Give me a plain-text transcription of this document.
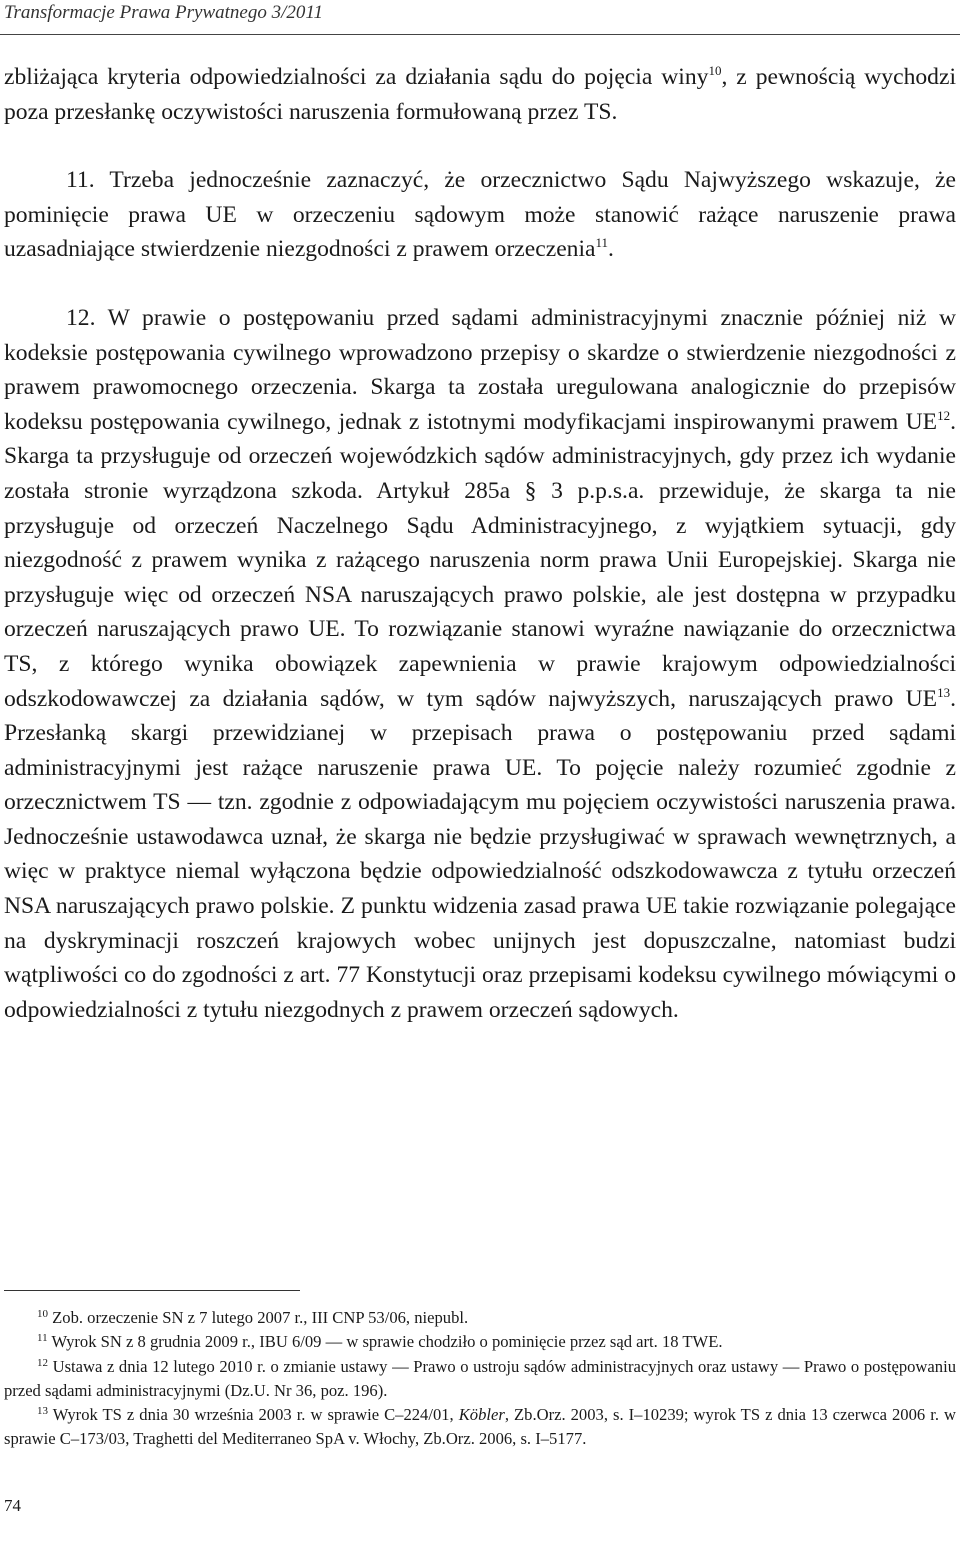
Transformacje Prawa Prywatnego 3/2011

zbliżająca kryteria odpowiedzialności za działania sądu do pojęcia winy$^{10}$, z pewnością wychodzi poza przesłankę oczywistości naruszenia formułowaną przez TS.

11. Trzeba jednocześnie zaznaczyć, że orzecznictwo Sądu Najwyższego wskazuje, że pominięcie prawa UE w orzeczeniu sądowym może stanowić rażące naruszenie prawa uzasadniające stwierdzenie niezgodności z prawem orzeczenia$^{11}$.

12. W prawie o postępowaniu przed sądami administracyjnymi znacznie później niż w kodeksie postępowania cywilnego wprowadzono przepisy o skardze o stwierdzenie niezgodności z prawem prawomocnego orzeczenia. Skarga ta została uregulowana analogicznie do przepisów kodeksu postępowania cywilnego, jednak z istotnymi modyfikacjami inspirowanymi prawem UE$^{12}$. Skarga ta przysługuje od orzeczeń wojewódzkich sądów administracyjnych, gdy przez ich wydanie została stronie wyrządzona szkoda. Artykuł 285a § 3 p.p.s.a. przewiduje, że skarga ta nie przysługuje od orzeczeń Naczelnego Sądu Administracyjnego, z wyjątkiem sytuacji, gdy niezgodność z prawem wynika z rażącego naruszenia norm prawa Unii Europejskiej. Skarga nie przysługuje więc od orzeczeń NSA naruszających prawo polskie, ale jest dostępna w przypadku orzeczeń naruszających prawo UE. To rozwiązanie stanowi wyraźne nawiązanie do orzecznictwa TS, z którego wynika obowiązek zapewnienia w prawie krajowym odpowiedzialności odszkodowawczej za działania sądów, w tym sądów najwyższych, naruszających prawo UE$^{13}$. Przesłanką skargi przewidzianej w przepisach prawa o postępowaniu przed sądami administracyjnymi jest rażące naruszenie prawa UE. To pojęcie należy rozumieć zgodnie z orzecznictwem TS — tzn. zgodnie z odpowiadającym mu pojęciem oczywistości naruszenia prawa. Jednocześnie ustawodawca uznał, że skarga nie będzie przysługiwać w sprawach wewnętrznych, a więc w praktyce niemal wyłączona będzie odpowiedzialność odszkodowawcza z tytułu orzeczeń NSA naruszających prawo polskie. Z punktu widzenia zasad prawa UE takie rozwiązanie polegające na dyskryminacji roszczeń krajowych wobec unijnych jest dopuszczalne, natomiast budzi wątpliwości co do zgodności z art. 77 Konstytucji oraz przepisami kodeksu cywilnego mówiącymi o odpowiedzialności z tytułu niezgodnych z prawem orzeczeń sądowych.

$^{10}$ Zob. orzeczenie SN z 7 lutego 2007 r., III CNP 53/06, niepubl.

$^{11}$ Wyrok SN z 8 grudnia 2009 r., IBU 6/09 — w sprawie chodziło o pominięcie przez sąd art. 18 TWE.

$^{12}$ Ustawa z dnia 12 lutego 2010 r. o zmianie ustawy — Prawo o ustroju sądów administracyjnych oraz ustawy — Prawo o postępowaniu przed sądami administracyjnymi (Dz.U. Nr 36, poz. 196).

$^{13}$ Wyrok TS z dnia 30 września 2003 r. w sprawie C–224/01, Köbler, Zb.Orz. 2003, s. I–10239; wyrok TS z dnia 13 czerwca 2006 r. w sprawie C–173/03, Traghetti del Mediterraneo SpA v. Włochy, Zb.Orz. 2006, s. I–5177.

74
